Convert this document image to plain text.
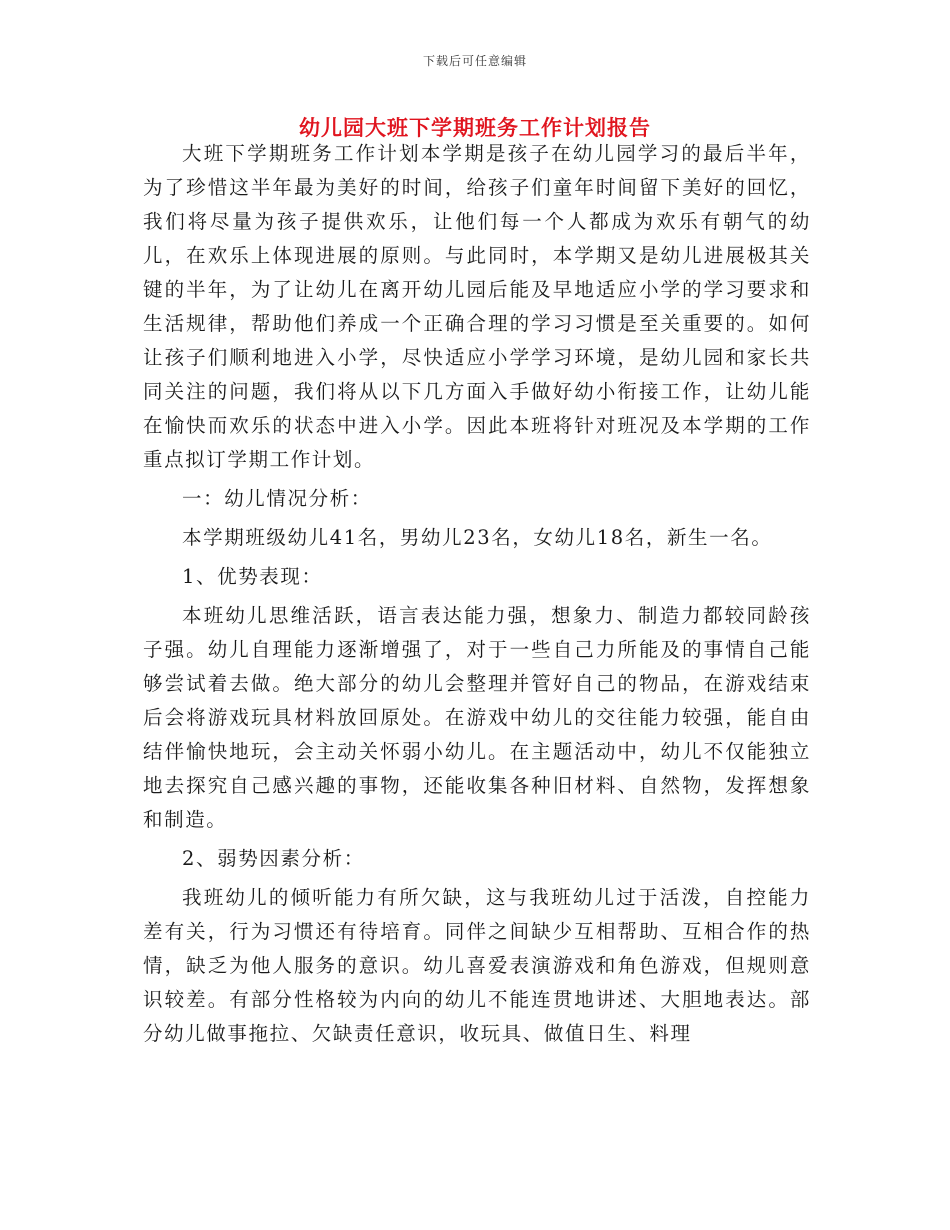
下载后可任意编辑
幼儿园大班下学期班务工作计划报告

大班下学期班务工作计划本学期是孩子在幼儿园学习的最后半年，为了珍惜这半年最为美好的时间，给孩子们童年时间留下美好的回忆，我们将尽量为孩子提供欢乐，让他们每一个人都成为欢乐有朝气的幼儿，在欢乐上体现进展的原则。与此同时，本学期又是幼儿进展极其关键的半年，为了让幼儿在离开幼儿园后能及早地适应小学的学习要求和生活规律，帮助他们养成一个正确合理的学习习惯是至关重要的。如何让孩子们顺利地进入小学，尽快适应小学学习环境，是幼儿园和家长共同关注的问题，我们将从以下几方面入手做好幼小衔接工作，让幼儿能在愉快而欢乐的状态中进入小学。因此本班将针对班况及本学期的工作重点拟订学期工作计划。

一：幼儿情况分析：

本学期班级幼儿41名，男幼儿23名，女幼儿18名，新生一名。

1、优势表现：

本班幼儿思维活跃，语言表达能力强，想象力、制造力都较同龄孩子强。幼儿自理能力逐渐增强了，对于一些自己力所能及的事情自己能够尝试着去做。绝大部分的幼儿会整理并管好自己的物品，在游戏结束后会将游戏玩具材料放回原处。在游戏中幼儿的交往能力较强，能自由结伴愉快地玩，会主动关怀弱小幼儿。在主题活动中，幼儿不仅能独立地去探究自己感兴趣的事物，还能收集各种旧材料、自然物，发挥想象和制造。

2、弱势因素分析：

我班幼儿的倾听能力有所欠缺，这与我班幼儿过于活泼，自控能力差有关，行为习惯还有待培育。同伴之间缺少互相帮助、互相合作的热情，缺乏为他人服务的意识。幼儿喜爱表演游戏和角色游戏，但规则意识较差。有部分性格较为内向的幼儿不能连贯地讲述、大胆地表达。部分幼儿做事拖拉、欠缺责任意识，收玩具、做值日生、料理
